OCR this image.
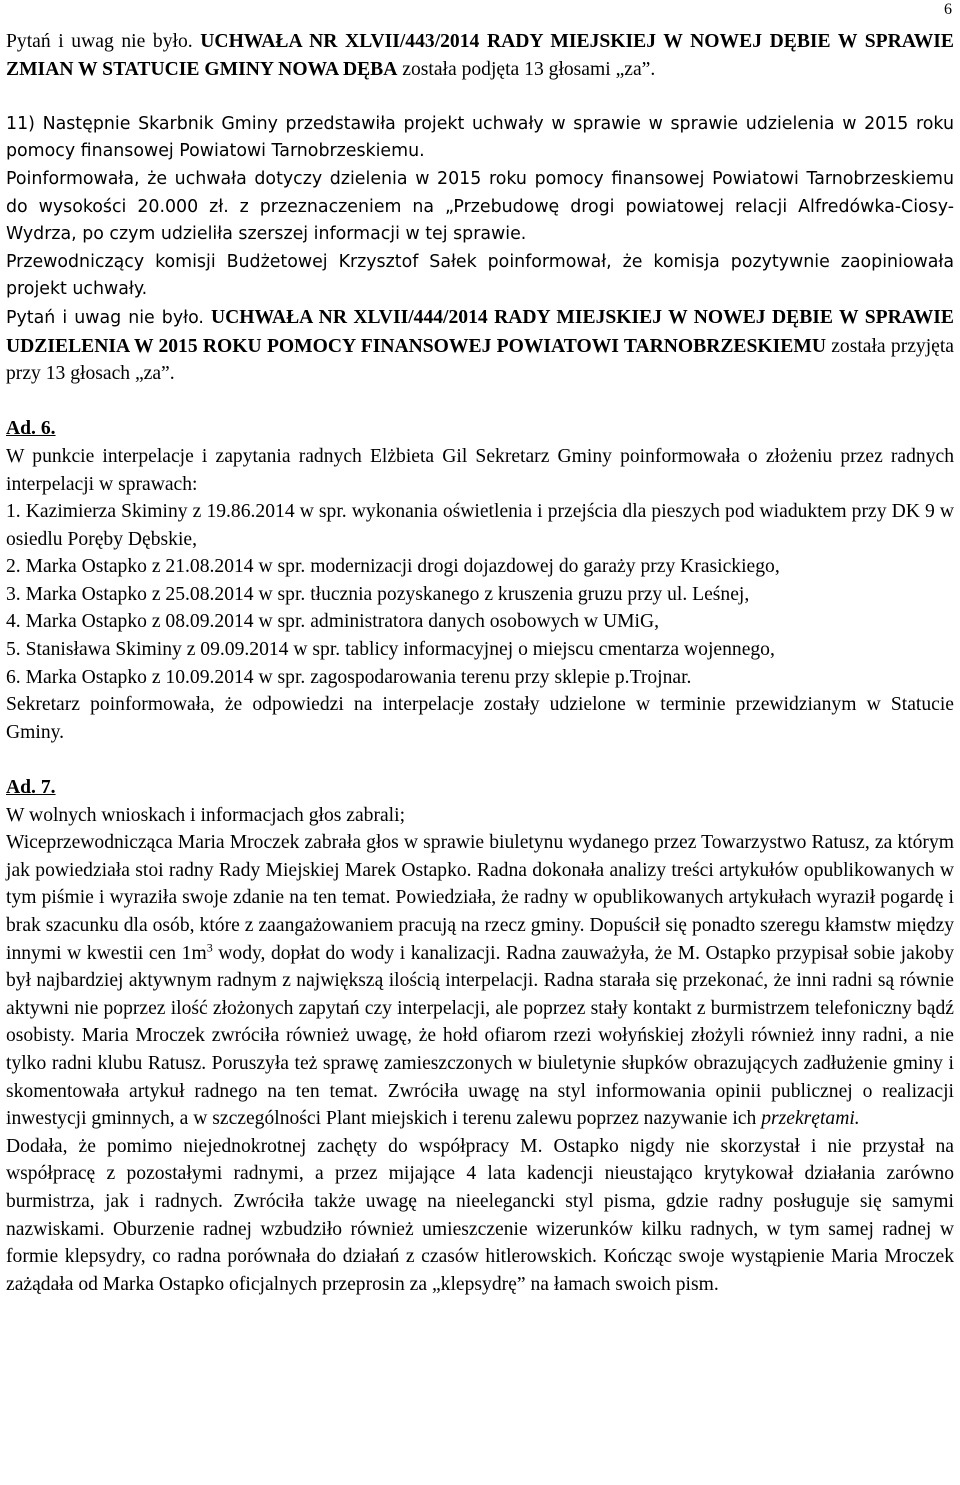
6

Pytań i uwag nie było. UCHWAŁA NR XLVII/443/2014 RADY MIEJSKIEJ W NOWEJ DĘBIE W SPRAWIE ZMIAN W STATUCIE GMINY NOWA DĘBA została podjęta 13 głosami „za”.

11) Następnie Skarbnik Gminy przedstawiła projekt uchwały w sprawie w sprawie udzielenia w 2015 roku pomocy finansowej Powiatowi Tarnobrzeskiemu.

Poinformowała, że uchwała dotyczy dzielenia w 2015 roku pomocy finansowej Powiatowi Tarnobrzeskiemu do wysokości 20.000 zł. z przeznaczeniem na „Przebudowę drogi powiatowej relacji Alfredówka-Ciosy-Wydrza, po czym udzieliła szerszej informacji w tej sprawie.

Przewodniczący komisji Budżetowej Krzysztof Sałek poinformował, że komisja pozytywnie zaopiniowała projekt uchwały.

Pytań i uwag nie było. UCHWAŁA NR XLVII/444/2014 RADY MIEJSKIEJ W NOWEJ DĘBIE W SPRAWIE UDZIELENIA W 2015 ROKU POMOCY FINANSOWEJ POWIATOWI TARNOBRZESKIEMU została przyjęta przy 13 głosach „za”.

Ad. 6.

W punkcie interpelacje i zapytania radnych Elżbieta Gil Sekretarz Gminy poinformowała o złożeniu przez radnych interpelacji w sprawach:

1. Kazimierza Skiminy z 19.86.2014 w spr. wykonania oświetlenia i przejścia dla pieszych pod wiaduktem przy DK 9 w osiedlu Poręby Dębskie,

2. Marka Ostapko z 21.08.2014 w spr. modernizacji drogi dojazdowej do garaży przy Krasickiego,

3. Marka Ostapko z 25.08.2014 w spr. tłucznia pozyskanego z kruszenia gruzu przy ul. Leśnej,

4. Marka Ostapko z 08.09.2014 w spr. administratora danych osobowych w UMiG,

5. Stanisława Skiminy z 09.09.2014 w spr. tablicy informacyjnej o miejscu cmentarza wojennego,

6. Marka Ostapko z 10.09.2014 w spr. zagospodarowania terenu przy sklepie p.Trojnar.

Sekretarz poinformowała, że odpowiedzi na interpelacje zostały udzielone w terminie przewidzianym w Statucie Gminy.

Ad. 7.

W wolnych wnioskach i informacjach głos zabrali;

Wiceprzewodnicząca Maria Mroczek zabrała głos w sprawie biuletynu wydanego przez Towarzystwo Ratusz, za którym jak powiedziała stoi radny Rady Miejskiej Marek Ostapko. Radna dokonała analizy treści artykułów opublikowanych w tym piśmie i wyraziła swoje zdanie na ten temat. Powiedziała, że radny w opublikowanych artykułach wyraził pogardę i brak szacunku dla osób, które z zaangażowaniem pracują na rzecz gminy. Dopuścił się ponadto szeregu kłamstw między innymi w kwestii cen $1m^3$ wody, dopłat do wody i kanalizacji. Radna zauważyła, że M. Ostapko przypisał sobie jakoby był najbardziej aktywnym radnym z największą ilością interpelacji. Radna starała się przekonać, że inni radni są równie aktywni nie poprzez ilość złożonych zapytań czy interpelacji, ale poprzez stały kontakt z burmistrzem telefoniczny bądź osobisty. Maria Mroczek zwróciła również uwagę, że hołd ofiarom rzezi wołyńskiej złożyli również inny radni, a nie tylko radni klubu Ratusz. Poruszyła też sprawę zamieszczonych w biuletynie słupków obrazujących zadłużenie gminy i skomentowała artykuł radnego na ten temat. Zwróciła uwagę na styl informowania opinii publicznej o realizacji inwestycji gminnych, a w szczególności Plant miejskich i terenu zalewu poprzez nazywanie ich przekrętami.

Dodała, że pomimo niejednokrotnej zachęty do współpracy M. Ostapko nigdy nie skorzystał i nie przystał na współpracę z pozostałymi radnymi, a przez mijające 4 lata kadencji nieustająco krytykował działania zarówno burmistrza, jak i radnych. Zwróciła także uwagę na nieelegancki styl pisma, gdzie radny posługuje się samymi nazwiskami. Oburzenie radnej wzbudziło również umieszczenie wizerunków kilku radnych, w tym samej radnej w formie klepsydry, co radna porównała do działań z czasów hitlerowskich. Kończąc swoje wystąpienie Maria Mroczek zażądała od Marka Ostapko oficjalnych przeprosin za „klepsydrę” na łamach swoich pism.
